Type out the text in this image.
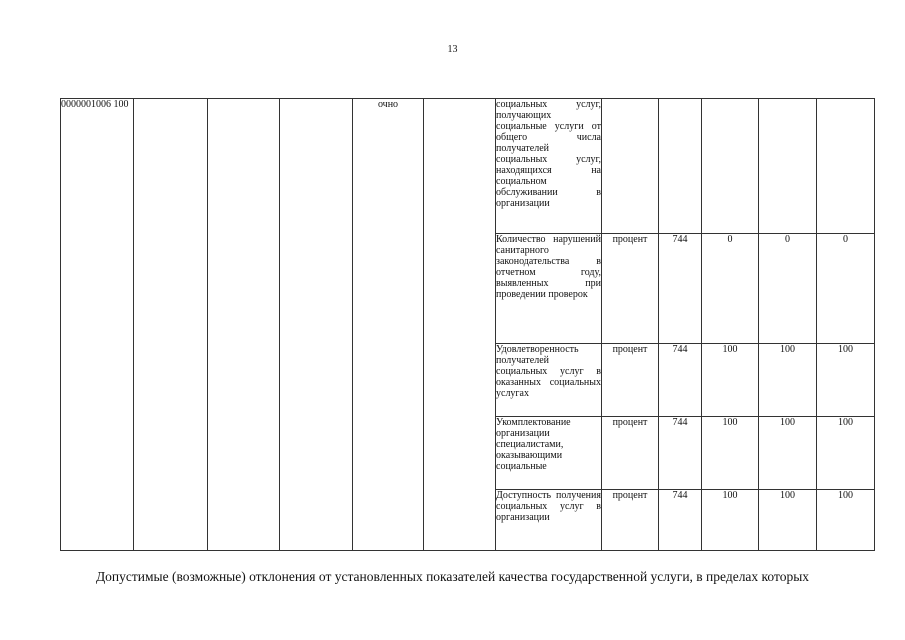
13
0000001006 100				очно		социальных услуг, получающих социальные услуги от общего числа получателей социальных услуг, находящихся на социальном обслуживании в организации					
						Количество нарушений санитарного законодательства в отчетном году, выявленных при проведении проверок	процент	744	0	0	0
						Удовлетворенность получателей социальных услуг в оказанных социальных услугах	процент	744	100	100	100
						Укомплектование организации специалистами, оказывающими социальные	процент	744	100	100	100
						Доступность получения социальных услуг в организации	процент	744	100	100	100
Допустимые (возможные) отклонения от установленных показателей качества государственной услуги, в пределах которых
